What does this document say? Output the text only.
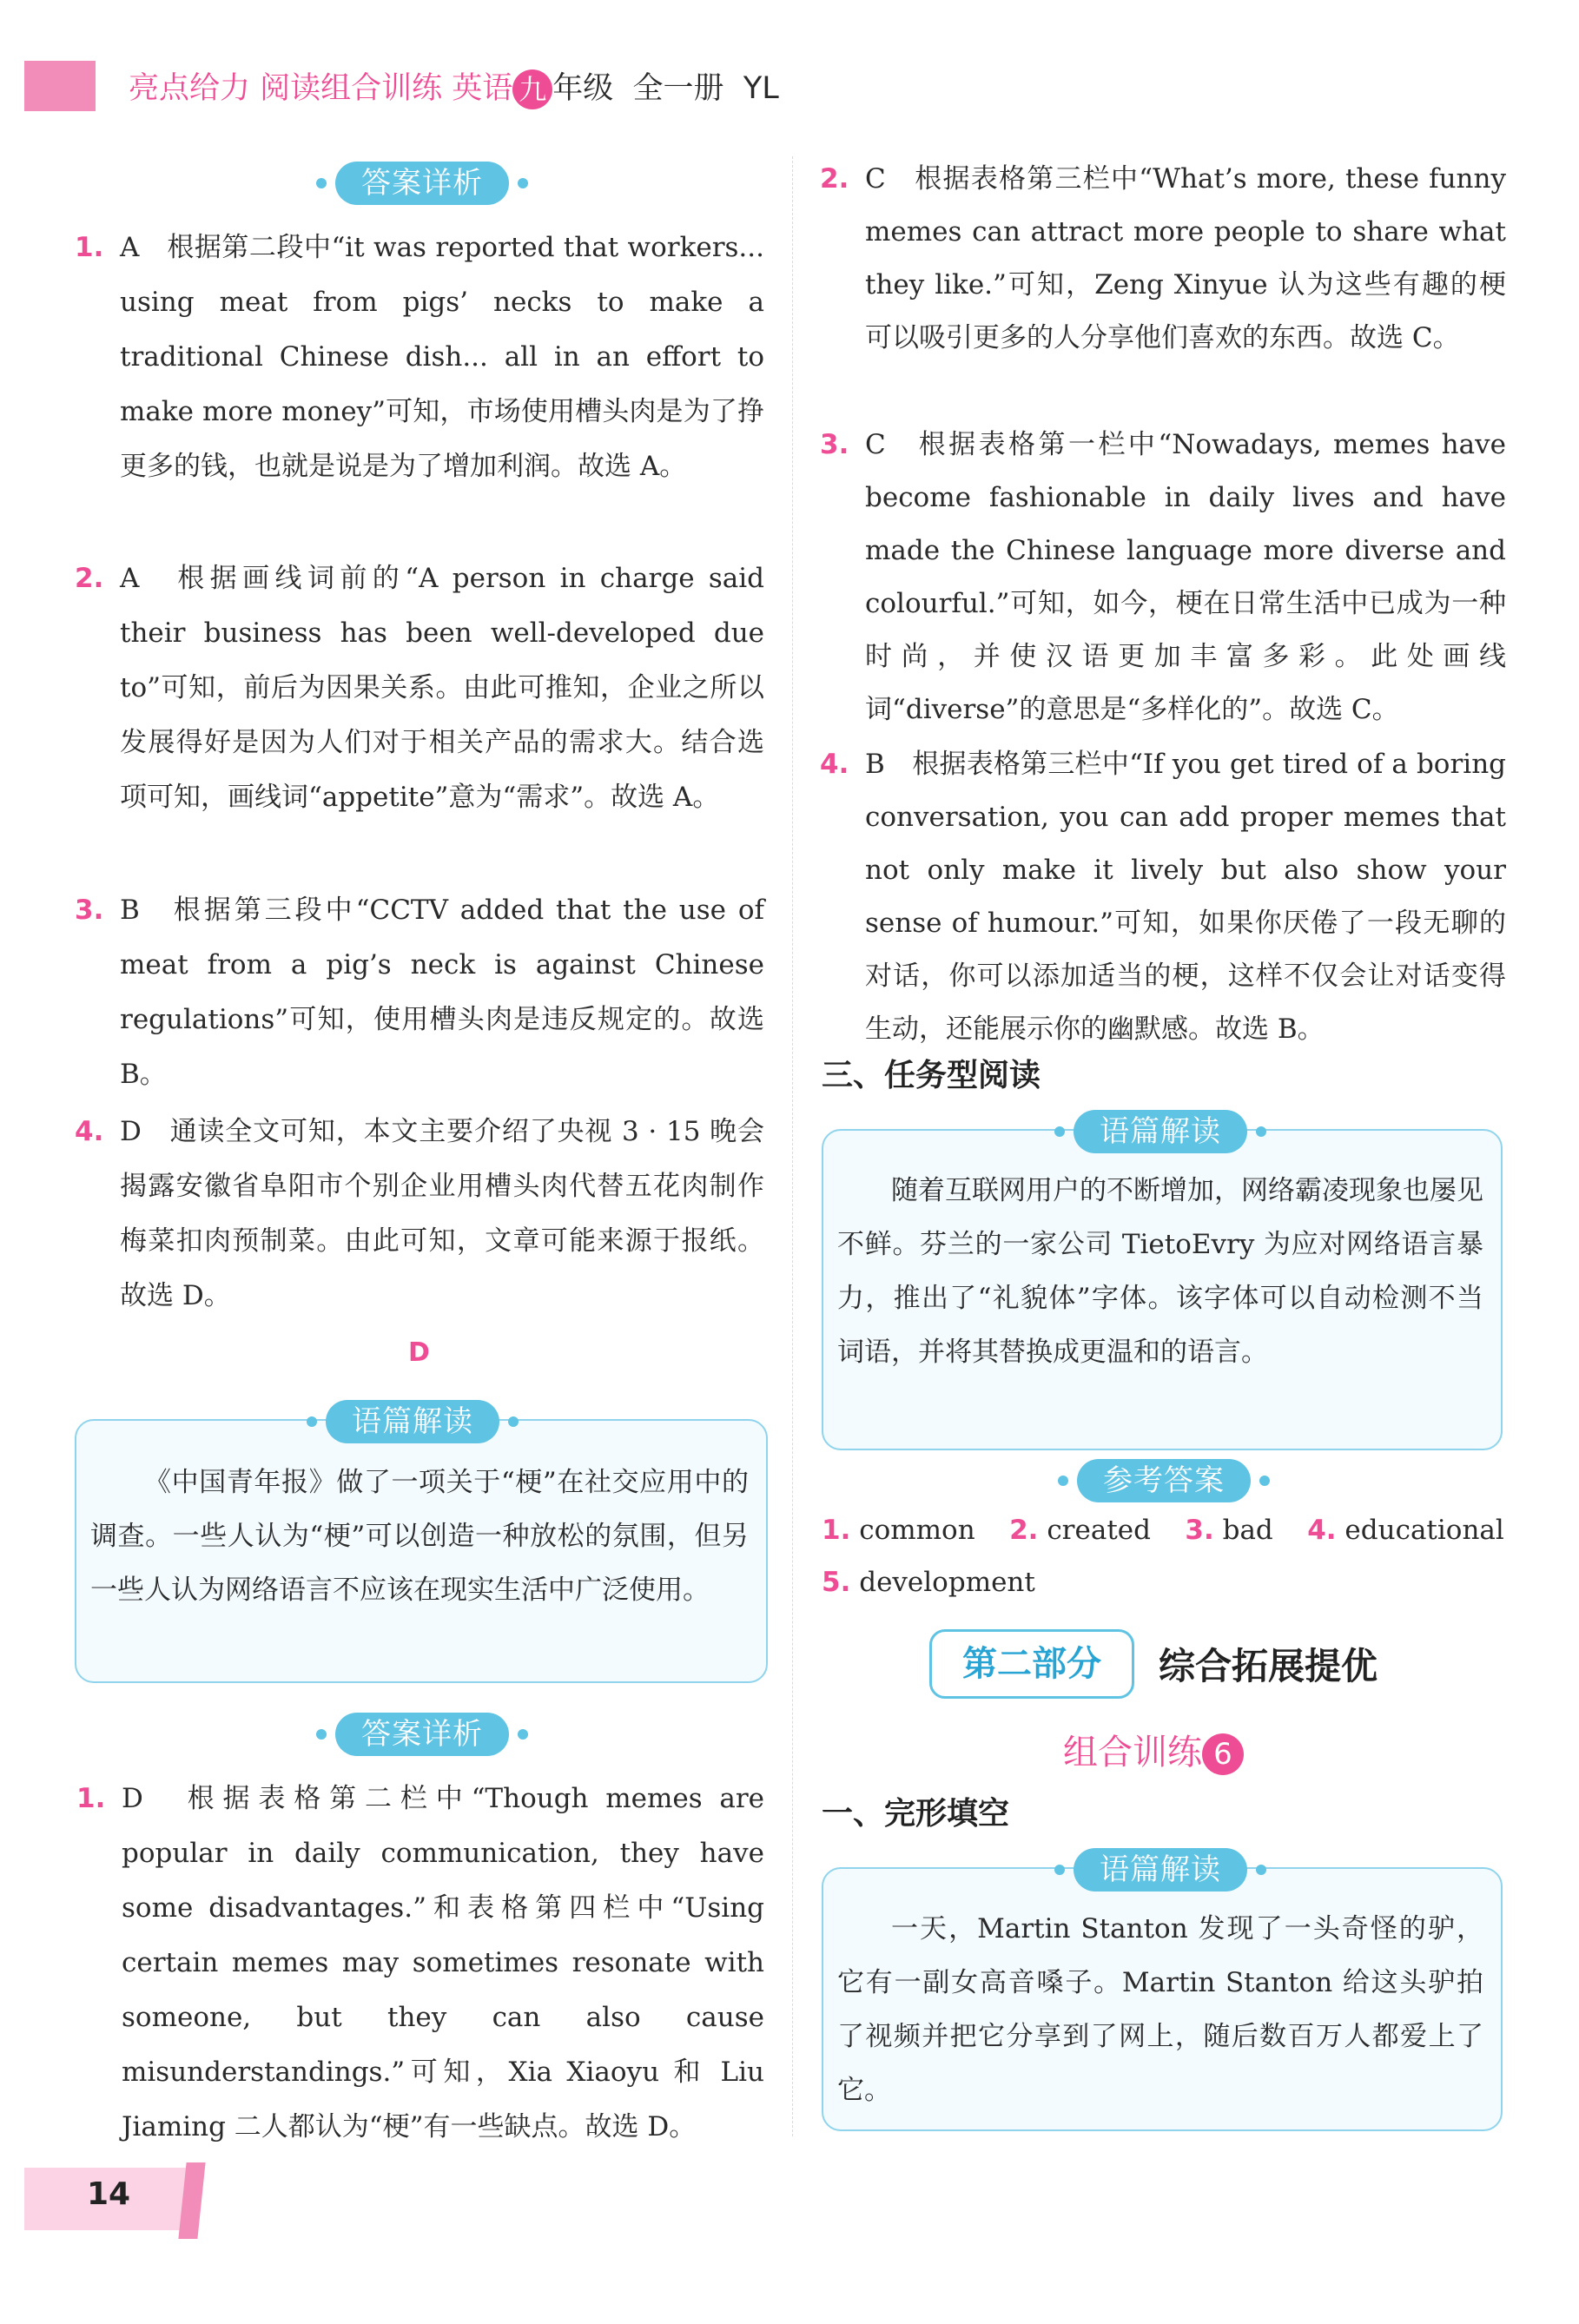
亮点给力 阅读组合训练 英语 九 年级 全一册 YL
答案详析
1. A　根据第二段中“it was reported that workers... using meat from pigs’ necks to make a traditional Chinese dish... all in an effort to make more money”可知，市场使用槽头肉是为了挣更多的钱，也就是说是为了增加利润。故选 A。
2. A　根据画线词前的“A person in charge said their business has been well-developed due to”可知，前后为因果关系。由此可推知，企业之所以发展得好是因为人们对于相关产品的需求大。结合选项可知，画线词“appetite”意为“需求”。故选 A。
3. B　根据第三段中“CCTV added that the use of meat from a pig’s neck is against Chinese regulations”可知，使用槽头肉是违反规定的。故选 B。
4. D　通读全文可知，本文主要介绍了央视 3 · 15 晚会揭露安徽省阜阳市个别企业用槽头肉代替五花肉制作梅菜扣肉预制菜。由此可知，文章可能来源于报纸。故选 D。
D
语篇解读
《中国青年报》做了一项关于“梗”在社交应用中的调查。一些人认为“梗”可以创造一种放松的氛围，但另一些人认为网络语言不应该在现实生活中广泛使用。
答案详析
1. D　根据表格第二栏中“Though memes are popular in daily communication, they have some disadvantages.”和表格第四栏中“Using certain memes may sometimes resonate with someone, but they can also cause misunderstandings.”可知，Xia Xiaoyu 和 Liu Jiaming 二人都认为“梗”有一些缺点。故选 D。
14
2. C　根据表格第三栏中“What’s more, these funny memes can attract more people to share what they like.”可知，Zeng Xinyue 认为这些有趣的梗可以吸引更多的人分享他们喜欢的东西。故选 C。
3. C　根据表格第一栏中“Nowadays, memes have become fashionable in daily lives and have made the Chinese language more diverse and colourful.”可知，如今，梗在日常生活中已成为一种时尚，并使汉语更加丰富多彩。此处画线词“diverse”的意思是“多样化的”。故选 C。
4. B　根据表格第三栏中“If you get tired of a boring conversation, you can add proper memes that not only make it lively but also show your sense of humour.”可知，如果你厌倦了一段无聊的对话，你可以添加适当的梗，这样不仅会让对话变得生动，还能展示你的幽默感。故选 B。
三、任务型阅读
语篇解读
随着互联网用户的不断增加，网络霸凌现象也屡见不鲜。芬兰的一家公司 TietoEvry 为应对网络语言暴力，推出了“礼貌体”字体。该字体可以自动检测不当词语，并将其替换成更温和的语言。
参考答案
1. common 2. created 3. bad 4. educational
5. development
第二部分	综合拓展提优
组合训练 6
一、完形填空
语篇解读
一天，Martin Stanton 发现了一头奇怪的驴，它有一副女高音嗓子。Martin Stanton 给这头驴拍了视频并把它分享到了网上，随后数百万人都爱上了它。
